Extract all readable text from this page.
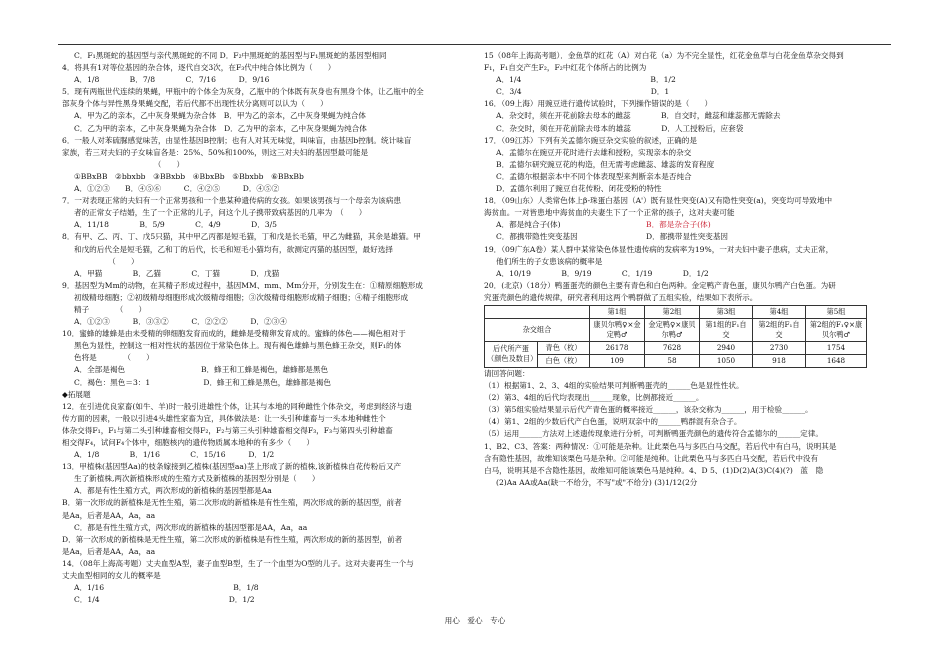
C．F₁黑斑蛇的基因型与亲代黑斑蛇的不同 D．F₂中黑斑蛇的基因型与F₁黑斑蛇的基因型相同
4．将具有1对等位基因的杂合体，逐代自交3次，在F₃代中纯合体比例为（　　）
A．1/8　　　　B．7/8　　　　C．7/16　　　D．9/16
5．现有两瓶世代连续的果蝇，甲瓶中的个体全为灰身，乙瓶中的个体既有灰身也有黑身个体，让乙瓶中的全
部灰身个体与异性黑身果蝇交配，若后代都不出现性状分离则可以认为（　　）
A．甲为乙的亲本，乙中灰身果蝇为杂合体　B．甲为乙的亲本，乙中灰身果蝇为纯合体
C．乙为甲的亲本，乙中灰身果蝇为杂合体　D．乙为甲的亲本，乙中灰身果蝇为纯合体
6．一般人对苯硫脲感觉味苦，由显性基因B控制；也有人对其无味觉，叫味盲，由基因b控制。统计味盲
家族，若三对夫妇的子女味盲各是：25%、50%和100%，则这三对夫妇的基因型最可能是
　　　　　　　　　　　（　　）
①BBxBB　②bbxbb　③BBxbb　④BbxBb　⑤Bbxbb　⑥BBxBb
A．①②③　　B．④⑤⑥　　　C．④②⑤　　　D．④⑤②
7．一对表现正常的夫妇有一个正常男孩和一个患某种遗传病的女孩。如果该男孩与一个母亲为该病患
者的正常女子结婚，生了一个正常的儿子，问这个儿子携带致病基因的几率为　（　　）
A．11/18　　　　B．5/9　　　　C．4/9　　　　D．3/5
8．有甲、乙、丙、丁、戊5只猫，其中甲乙丙都是短毛猫，丁和戊是长毛猫，甲乙为雌猫，其余是雄猫。甲
和戊的后代全是短毛猫，乙和丁的后代，长毛和短毛小猫均有，欲测定丙猫的基因型，最好选择
　　　　　（　　）
A．甲猫　　　　B．乙猫　　　　C．丁猫　　　　D．戊猫
9．基因型为Mm的动物，在其精子形成过程中，基因MM、mm、Mm分开，分别发生在：①精原细胞形成
初级精母细胞；②初级精母细胞形成次级精母细胞；③次级精母细胞形成精子细胞；④精子细胞形成
精子　　　　（　　）
A．①②③　　　B．③③②　　　C．②②②　　　D．②③④
10．蜜蜂的雄蜂是由未受精的卵细胞发育而成的，雌蜂是受精卵发育成的。蜜蜂的体色——褐色相对于
黑色为显性，控制这一相对性状的基因位于常染色体上。现有褐色雄蜂与黑色蜂王杂交，则F₁的体
色将是　　　　（　　）
A．全部是褐色　　　　　　　　　　B．蜂王和工蜂是褐色，雄蜂都是黑色
C．褐色：黑色＝3：1　　　　　　　D．蜂王和工蜂是黑色，雄蜂都是褐色
◆拓展题
12．在引进优良家畜(如牛、羊)时一般引进雄性个体，让其与本地的同种雌性个体杂交，考虑到经济与遗
传方面的因素，一般以引进4头雄性家畜为宜，具体做法是：让一头引种雄畜与一头本地种雌性个
体杂交得F₁，F₁与第二头引种雄畜相交得F₂，F₂与第三头引种雄畜相交得F₃，F₃与第四头引种雄畜
相交得F₄，试问F₄个体中，细胞核内的遗传物质属本地种的有多少（　　）
A．1/8　　　　B．1/16　　　　C．15/16　　　D．1/2
13．甲植株(基因型Aa)的枝条嫁接到乙植株(基因型aa)茎上形成了新的植株,该新植株自花传粉后又产
生了新植株,两次新植株形成的生殖方式及新植株的基因型分别是（　　）
A．都是有性生殖方式，两次形成的新植株的基因型都是Aa
B．第一次形成的新植株是无性生殖，第二次形成的新植株是有性生殖，两次形成的新的基因型，前者
是Aa，后者是AA，Aa，aa
C．都是有性生殖方式，两次形成的新植株的基因型都是AA，Aa，aa
D．第一次形成的新植株是无性生殖，第二次形成的新植株是有性生殖，两次形成的新的基因型，前者
是Aa，后者是AA，Aa，aa
14．（08年上海高考题）丈夫血型A型，妻子血型B型，生了一个血型为O型的儿子。这对夫妻再生一个与
丈夫血型相同的女儿的概率是
A．1/16　　　　　　　　　　　　　　　　　B．1/8
C．1/4　　　　　　　　　　　　　　　　　D．1/2
15（08年上海高考题）．金鱼草的红花（A）对白花（a）为不完全显性，红花金鱼草与白花金鱼草杂交得到
F₁，F₁自交产生F₂，F₂中红花个体所占的比例为
A．1/4　　　　　　　　　　　　　　　　　B．1/2
C．3/4　　　　　　　　　　　　　　　　　D．1
16．（09上海）用豌豆进行遗传试验时，下列操作错误的是（　　）
A．杂交时，须在开花前除去母本的雌蕊　　　　B．自交时，雌蕊和雄蕊都无需除去
C．杂交时，须在开花前除去母本的雄蕊　　　　D．人工授粉后，应套袋
17．（09江苏）下列有关孟德尔豌豆杂交实验的叙述，正确的是
A．孟德尔在豌豆开花时进行去雄和授粉，实现亲本的杂交
B．孟德尔研究豌豆花的构造，但无需考虑雌蕊、雄蕊的发育程度
C．孟德尔根据亲本中不同个体表现型来判断亲本是否纯合
D．孟德尔利用了豌豆自花传粉、闭花受粉的特性
18．（09山东）人类常色体上β-珠蛋白基因（A'）既有显性突变(A)又有隐性突变(a)，突变均可导致地中
海贫血。一对皆患地中海贫血的夫妻生下了一个正常的孩子，这对夫妻可能
A．都是纯合子(体)	B．都是杂合子(体)
C．都携带隐性突变基因	D．都携带显性突变基因
19．（09广东A卷）某人群中某常染色体显性遗传病的发病率为19%，一对夫妇中妻子患病，丈夫正常，
他们所生的子女患该病的概率是
A．10/19　　　　B．9/19　　　　C．1/19　　　　D．1/2
20．(北京)（18分）鸭蛋蛋壳的颜色主要有青色和白色两种。金定鸭产青色蛋，康贝尔鸭产白色蛋。为研
究蛋壳颜色的遗传规律，研究者利用这两个鸭群做了五组实验，结果如下表所示。
		第1组	第2组	第3组	第4组	第5组
杂交组合		康贝尔鸭♀×金定鸭♂	金定鸭♀×康贝尔鸭♂	第1组的F₁自交	第2组的F₁自交	第2组的F₁♀×康贝尔鸭♂
后代所产蛋（颜色及数目）	青色（枚）	26178	7628	2940	2730	1754
	白色（枚）	109	58	1050	918	1648
请回答问题：
（1）根据第1、2、3、4组的实验结果可判断鸭蛋壳的______色是显性性状。
（2）第3、4组的后代均表现出______现象，比例都接近______。
（3）第5组实验结果显示后代产青色蛋的概率接近______，该杂交称为______，用于检验______。
（4）第1、2组的少数后代产白色蛋，说明双亲中的______鸭群混有杂合子。
（5）运用______方法对上述遗传现象进行分析，可判断鸭蛋壳颜色的遗传符合孟德尔的______定律。
1、B2、C3、答案：两种情况：①可能是杂种。让此栗色马与多匹白马交配，若后代中有白马，说明其是
含有隐性基因，故维知该栗色马是杂种。②可能是纯种。让此栗色马与多匹白马交配，若后代中没有
白马，说明其是不含隐性基因，故维知可能该栗色马是纯种。4、D 5、(1)D(2)A(3)C(4)(?)　蓝　隐
(2)Aa AA或Aa(缺一不给分，不写"或"不给分) (3)1/12(2分
用心　爱心　专心
